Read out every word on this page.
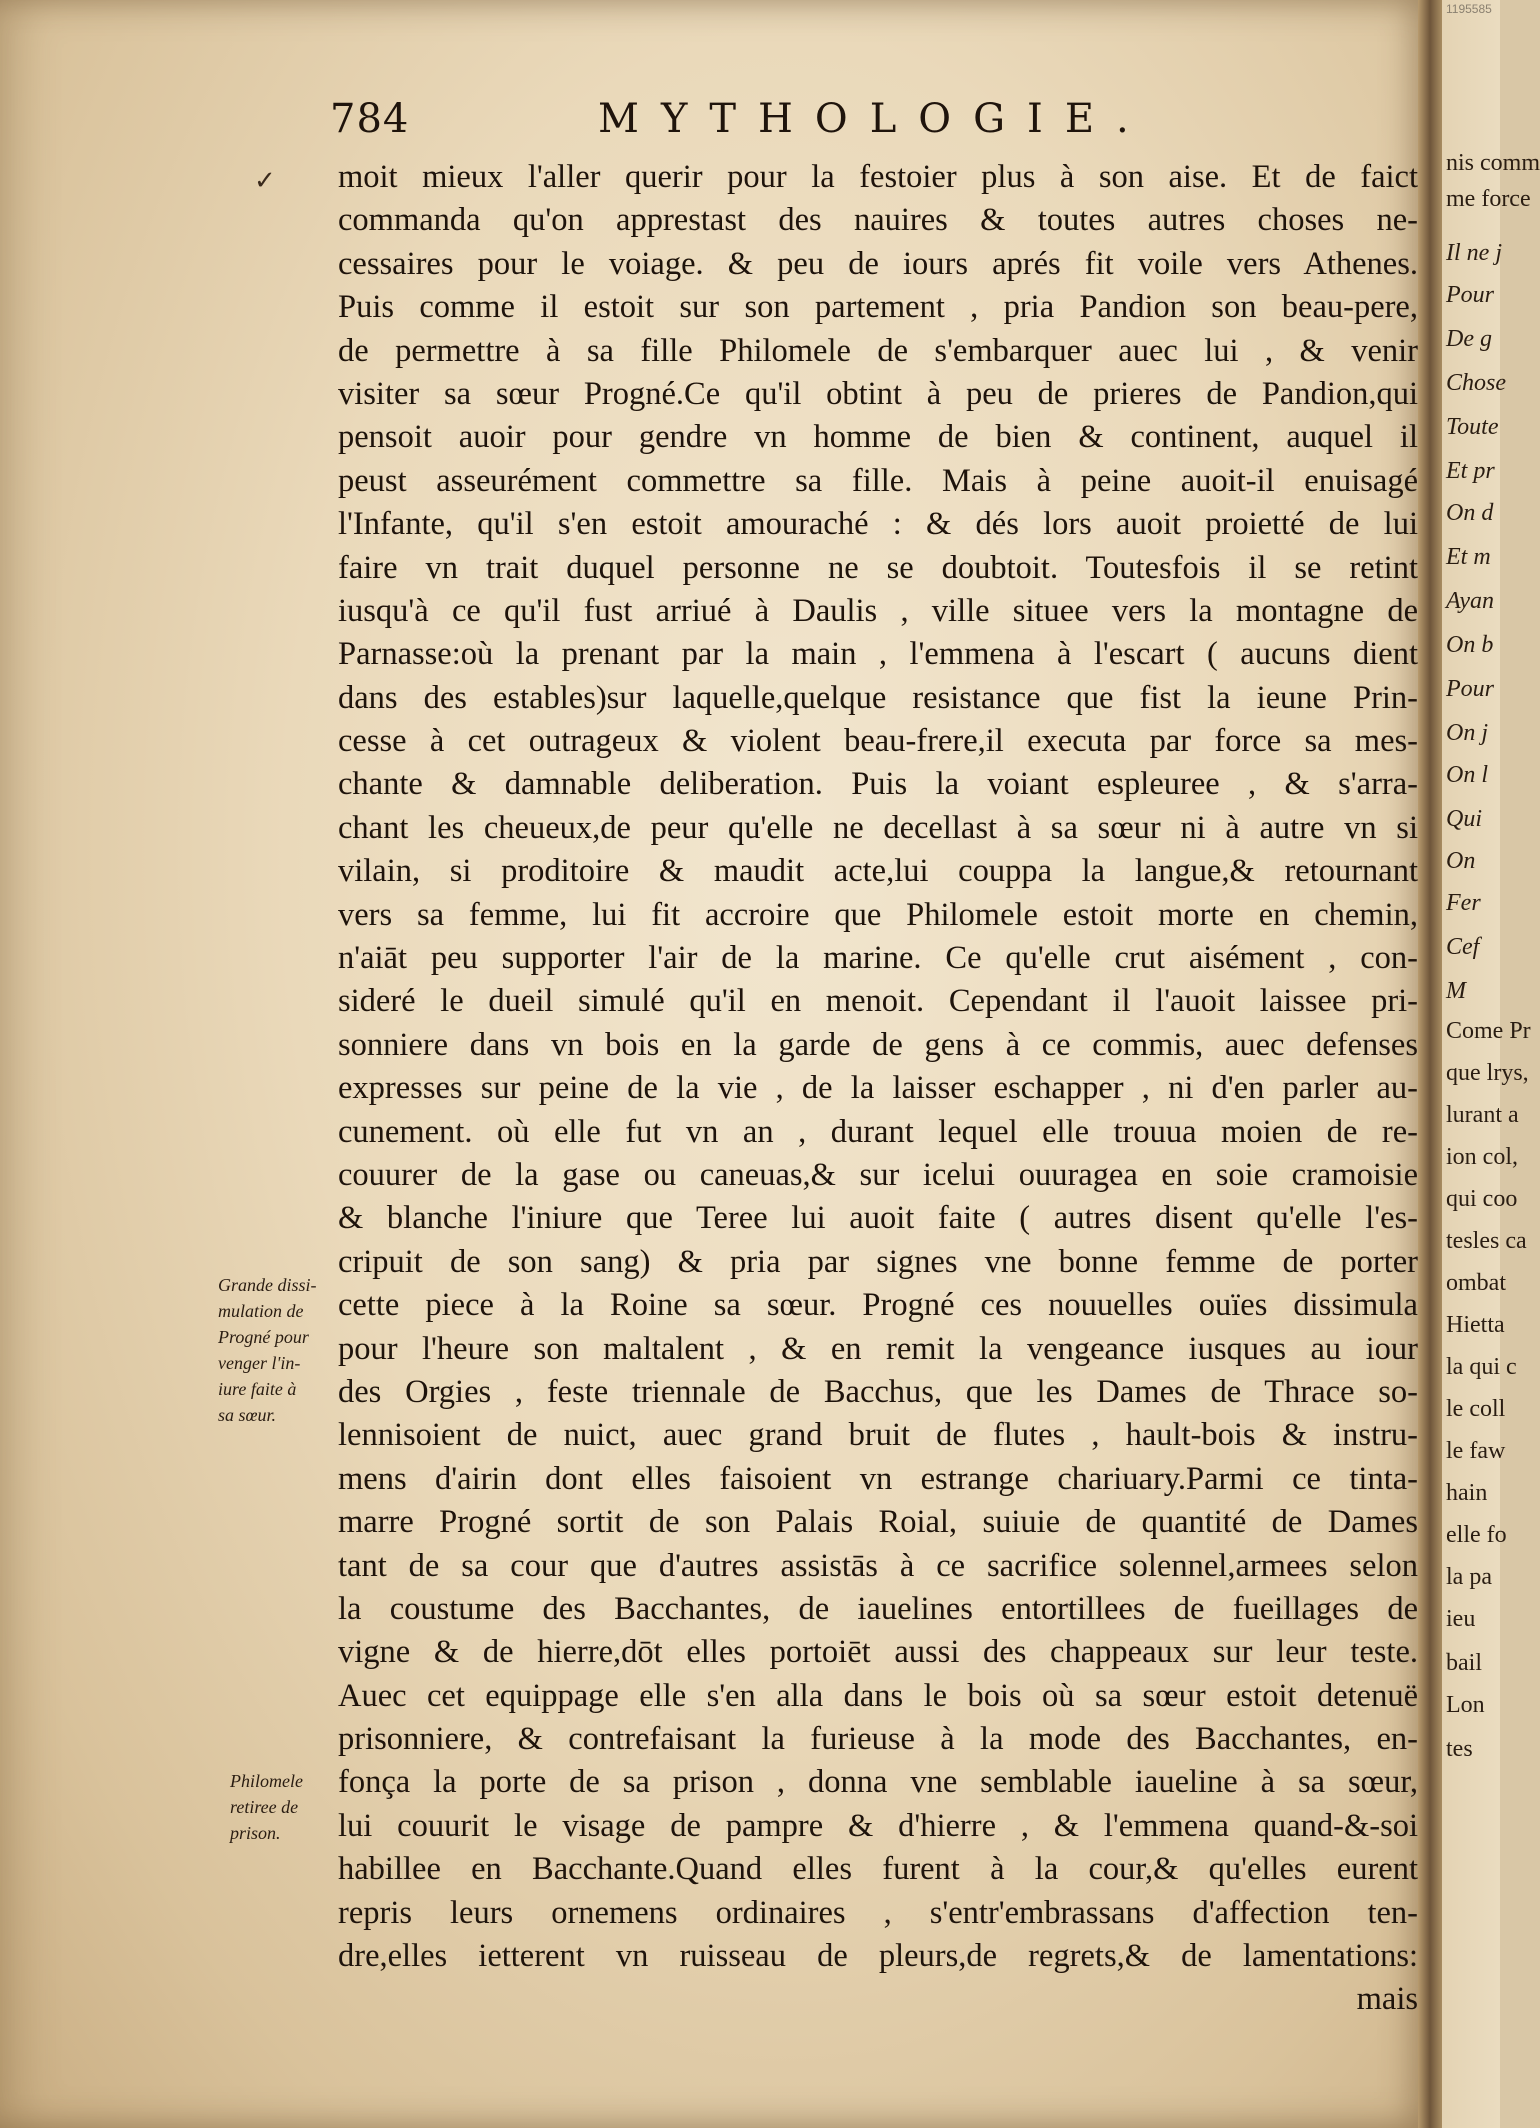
✓
784	MYTHOLOGIE.
moit mieux l'aller querir pour la festoier plus à son aise. Et de faict
commanda qu'on apprestast des nauires & toutes autres choses ne-
cessaires pour le voiage. & peu de iours aprés fit voile vers Athenes.
Puis comme il estoit sur son partement , pria Pandion son beau-pere,
de permettre à sa fille Philomele de s'embarquer auec lui , & venir
visiter sa sœur Progné.Ce qu'il obtint à peu de prieres de Pandion,qui
pensoit auoir pour gendre vn homme de bien & continent, auquel il
peust asseurément commettre sa fille. Mais à peine auoit-il enuisagé
l'Infante, qu'il s'en estoit amouraché : & dés lors auoit proietté de lui
faire vn trait duquel personne ne se doubtoit. Toutesfois il se retint
iusqu'à ce qu'il fust arriué à Daulis , ville situee vers la montagne de
Parnasse:où la prenant par la main , l'emmena à l'escart ( aucuns dient
dans des estables)sur laquelle,quelque resistance que fist la ieune Prin-
cesse à cet outrageux & violent beau-frere,il executa par force sa mes-
chante & damnable deliberation. Puis la voiant espleuree , & s'arra-
chant les cheueux,de peur qu'elle ne decellast à sa sœur ni à autre vn si
vilain, si proditoire & maudit acte,lui couppa la langue,& retournant
vers sa femme, lui fit accroire que Philomele estoit morte en chemin,
n'aiāt peu supporter l'air de la marine. Ce qu'elle crut aisément , con-
sideré le dueil simulé qu'il en menoit. Cependant il l'auoit laissee pri-
sonniere dans vn bois en la garde de gens à ce commis, auec defenses
expresses sur peine de la vie , de la laisser eschapper , ni d'en parler au-
cunement. où elle fut vn an , durant lequel elle trouua moien de re-
couurer de la gase ou caneuas,& sur icelui ouuragea en soie cramoisie
& blanche l'iniure que Teree lui auoit faite ( autres disent qu'elle l'es-
cripuit de son sang) & pria par signes vne bonne femme de porter
cette piece à la Roine sa sœur. Progné ces nouuelles ouïes dissimula
pour l'heure son maltalent , & en remit la vengeance iusques au iour
des Orgies , feste triennale de Bacchus, que les Dames de Thrace so-
lennisoient de nuict, auec grand bruit de flutes , hault-bois & instru-
mens d'airin dont elles faisoient vn estrange chariuary.Parmi ce tinta-
marre Progné sortit de son Palais Roial, suiuie de quantité de Dames
tant de sa cour que d'autres assistās à ce sacrifice solennel,armees selon
la coustume des Bacchantes, de iauelines entortillees de fueillages de
vigne & de hierre,dōt elles portoiēt aussi des chappeaux sur leur teste.
Auec cet equippage elle s'en alla dans le bois où sa sœur estoit detenuë
prisonniere, & contrefaisant la furieuse à la mode des Bacchantes, en-
fonça la porte de sa prison , donna vne semblable iaueline à sa sœur,
lui couurit le visage de pampre & d'hierre , & l'emmena quand-&-soi
habillee en Bacchante.Quand elles furent à la cour,& qu'elles eurent
repris leurs ornemens ordinaires , s'entr'embrassans d'affection ten-
dre,elles ietterent vn ruisseau de pleurs,de regrets,& de lamentations:
mais
Grande dissi-
mulation de
Progné pour
venger l'in-
iure faite à
sa sœur.
Philomele
retiree de
prison.
1195585
nis comm
me force
Il ne j
Pour
De g
Chose
Toute
Et pr
On d
Et m
Ayan
On b
Pour
On j
On l
Qui
On
Fer
Cef
M
Come Pr
que lrys,
lurant a
ion col,
qui coo
tesles ca
ombat
Hietta
la qui c
le coll
le faw
hain
elle fo
la pa
ieu
bail
Lon
tes
